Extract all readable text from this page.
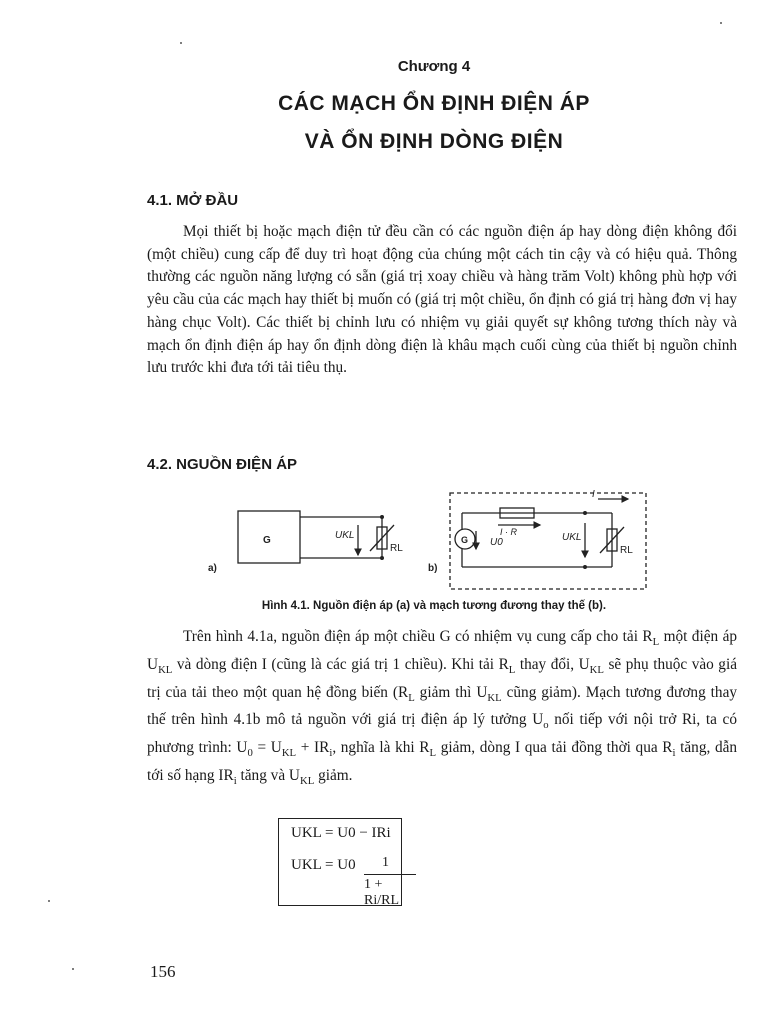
Chương 4
CÁC MẠCH ỔN ĐỊNH ĐIỆN ÁP
VÀ ỔN ĐỊNH DÒNG ĐIỆN
4.1. MỞ ĐẦU

Mọi thiết bị hoặc mạch điện tử đều cần có các nguồn điện áp hay dòng điện không đổi (một chiều) cung cấp để duy trì hoạt động của chúng một cách tin cậy và có hiệu quả. Thông thường các nguồn năng lượng có sẵn (giá trị xoay chiều và hàng trăm Volt) không phù hợp với yêu cầu của các mạch hay thiết bị muốn có (giá trị một chiều, ổn định có giá trị hàng đơn vị hay hàng chục Volt). Các thiết bị chỉnh lưu có nhiệm vụ giải quyết sự không tương thích này và mạch ổn định điện áp hay ổn định dòng điện là khâu mạch cuối cùng của thiết bị nguồn chỉnh lưu trước khi đưa tới tải tiêu thụ.

4.2. NGUỒN ĐIỆN ÁP
G	UKL
RL
a)	b)
G U0
I · R	UKL
RL
I
Hình 4.1. Nguồn điện áp (a) và mạch tương đương thay thế (b).

Trên hình 4.1a, nguồn điện áp một chiều G có nhiệm vụ cung cấp cho tải $R_L$ một điện áp $U_{KL}$ và dòng điện I (cũng là các giá trị 1 chiều). Khi tải $R_L$ thay đổi, $U_{KL}$ sẽ phụ thuộc vào giá trị của tải theo một quan hệ đồng biến ($R_L$ giảm thì $U_{KL}$ cũng giảm). Mạch tương đương thay thế trên hình 4.1b mô tả nguồn với giá trị điện áp lý tưởng $U_o$ nối tiếp với nội trở Ri, ta có phương trình: $U_0 = U_{KL} + IR_i$, nghĩa là khi $R_L$ giảm, dòng I qua tải đồng thời qua $R_i$ tăng, dẫn tới số hạng $IR_i$ tăng và $U_{KL}$ giảm.

UKL = U0 − IRi
UKL = U0 1
1 + Ri/RL
156
